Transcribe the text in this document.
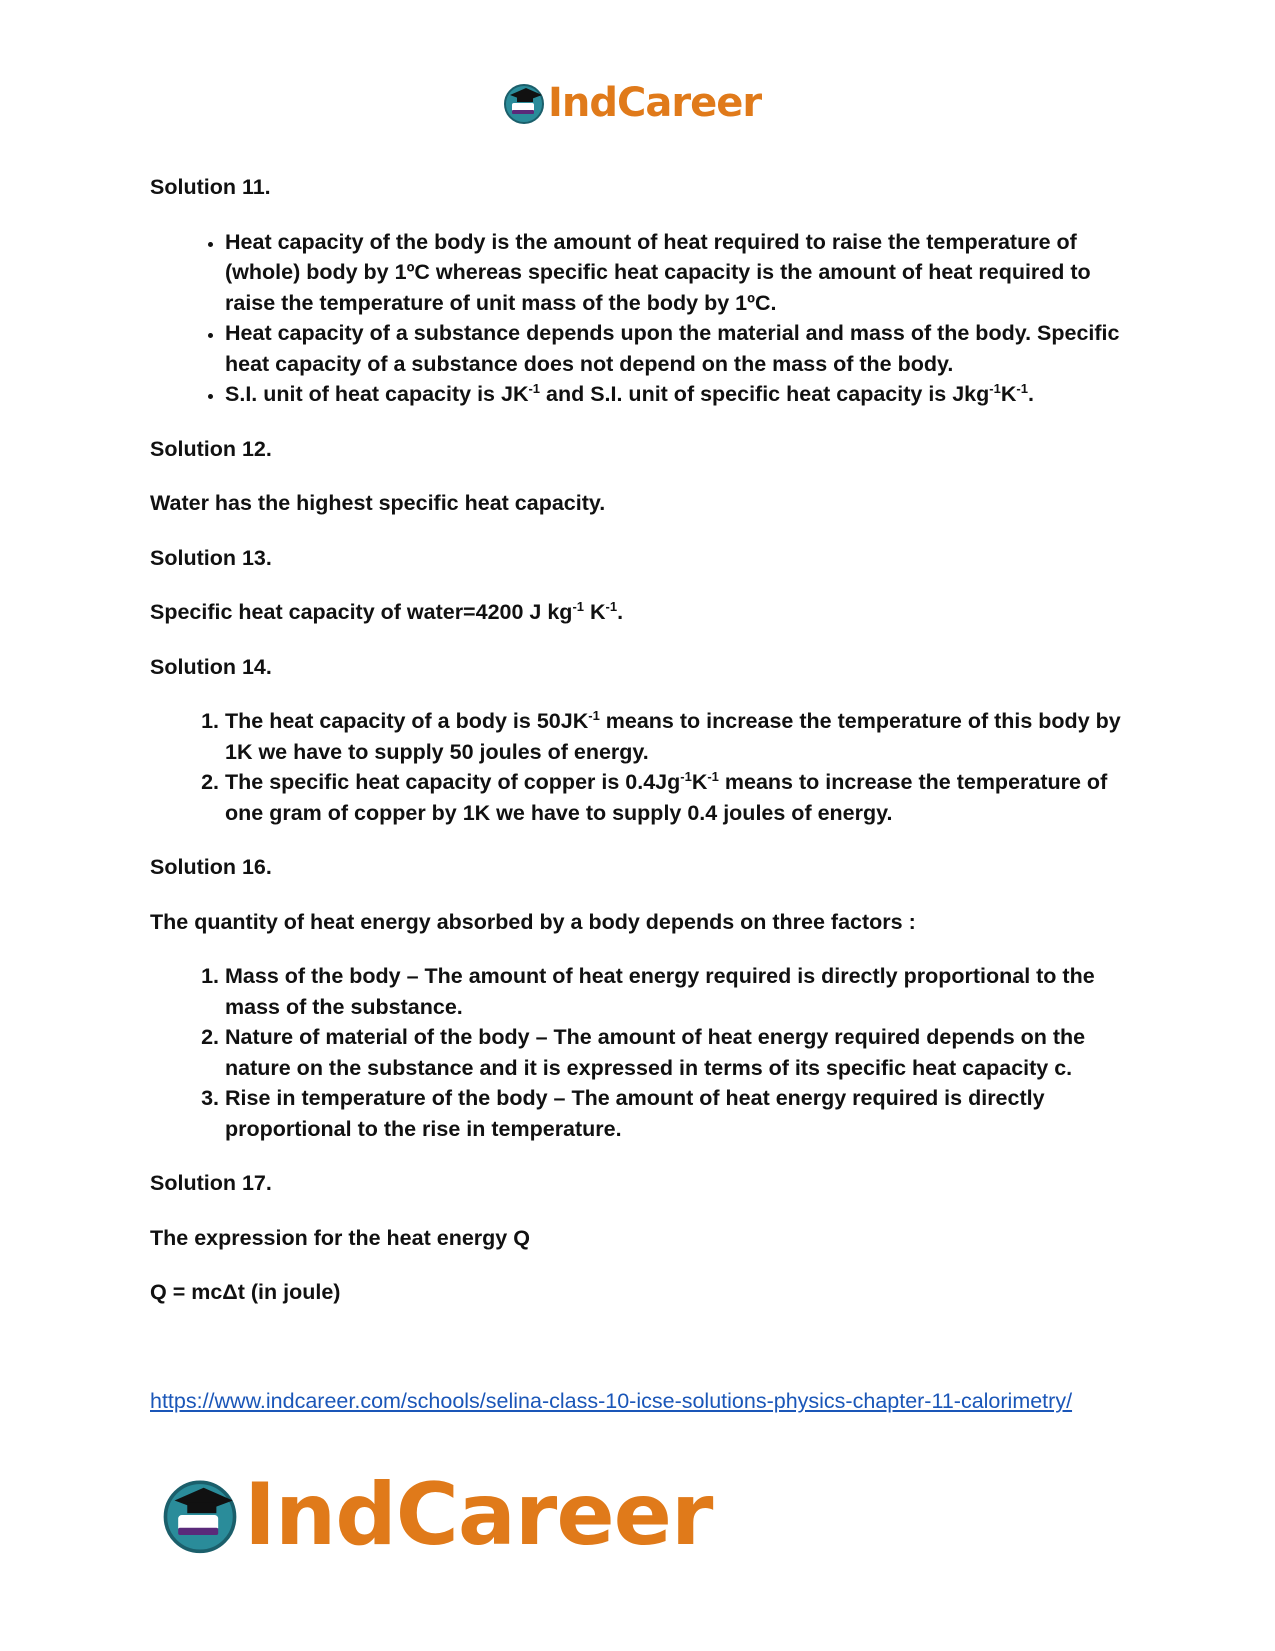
IndCareer
Solution 11.
• Heat capacity of the body is the amount of heat required to raise the temperature of (whole) body by 1ºC whereas specific heat capacity is the amount of heat required to raise the temperature of unit mass of the body by 1ºC.
• Heat capacity of a substance depends upon the material and mass of the body. Specific heat capacity of a substance does not depend on the mass of the body.
• S.I. unit of heat capacity is $JK^{-1}$ and S.I. unit of specific heat capacity is $Jkg^{-1}K^{-1}$.
Solution 12.
Water has the highest specific heat capacity.
Solution 13.
Specific heat capacity of water=4200 J $kg^{-1}$ $K^{-1}$.
Solution 14.
1. The heat capacity of a body is $50JK^{-1}$ means to increase the temperature of this body by 1K we have to supply 50 joules of energy.
2. The specific heat capacity of copper is $0.4Jg^{-1}K^{-1}$ means to increase the temperature of one gram of copper by 1K we have to supply 0.4 joules of energy.
Solution 16.
The quantity of heat energy absorbed by a body depends on three factors :
1. Mass of the body – The amount of heat energy required is directly proportional to the mass of the substance.
2. Nature of material of the body – The amount of heat energy required depends on the nature on the substance and it is expressed in terms of its specific heat capacity c.
3. Rise in temperature of the body – The amount of heat energy required is directly proportional to the rise in temperature.
Solution 17.
The expression for the heat energy Q
Q = mcΔt (in joule)
https://www.indcareer.com/schools/selina-class-10-icse-solutions-physics-chapter-11-calorimetry/
IndCareer
